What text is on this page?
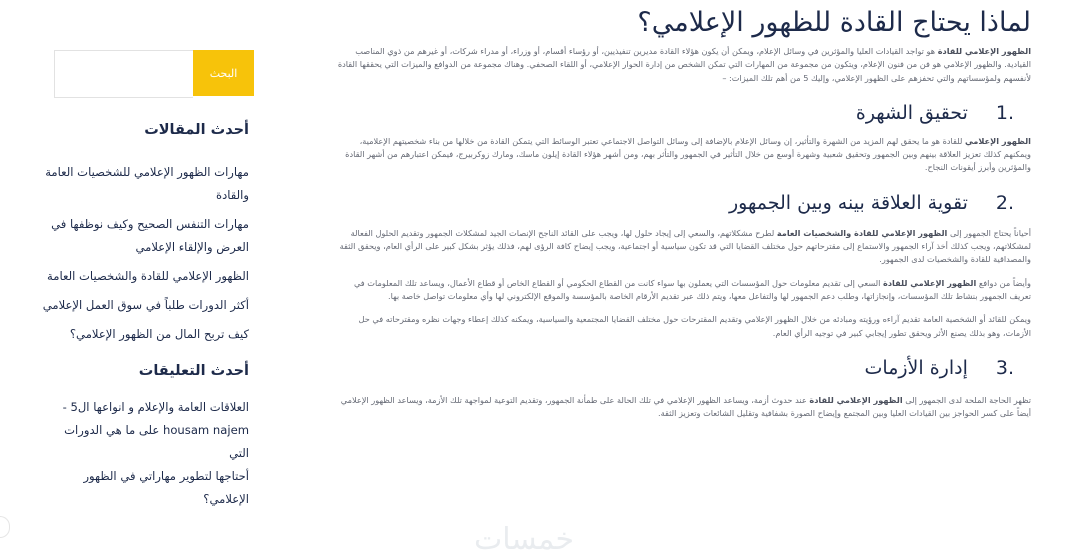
لماذا يحتاج القادة للظهور الإعلامي؟

الظهور الإعلامي للقادة هو تواجد القيادات العليا والمؤثرين في وسائل الإعلام، ويمكن أن يكون هؤلاء القادة مديرين تنفيذيين، أو رؤساء أقسام، أو وزراء، أو مدراء شركات، أو غيرهم من ذوي المناصب القيادية. والظهور الإعلامي هو فن من فنون الإعلام، ويتكون من مجموعة من المهارات التي تمكن الشخص من إدارة الحوار الإعلامي، أو اللقاء الصحفي. وهناك مجموعة من الدوافع والميزات التي يحققها القادة لأنفسهم ولمؤسساتهم والتي تحفزهم على الظهور الإعلامي، وإليك 5 من أهم تلك الميزات: –

.1تحقيق الشهرة

الظهور الإعلامي للقادة هو ما يحقق لهم المزيد من الشهرة والتأثير، إن وسائل الإعلام بالإضافة إلى وسائل التواصل الاجتماعي تعتبر الوسائط التي يتمكن القادة من خلالها من بناء شخصيتهم الإعلامية، ويمكنهم كذلك تعزيز العلاقة بينهم وبين الجمهور وتحقيق شعبية وشهرة أوسع من خلال التأثير في الجمهور والتأثر بهم، ومن أشهر هؤلاء القادة إيلون ماسك، ومارك زوكربيرج، فيمكن اعتبارهم من أشهر القادة والمؤثرين وأبرز أيقونات النجاح.

.2تقوية العلاقة بينه وبين الجمهور

أحياناً يحتاج الجمهور إلى الظهور الإعلامي للقادة والشخصيات العامة لطرح مشكلاتهم، والسعي إلى إيجاد حلول لها، ويجب على القائد الناجح الإنصات الجيد لمشكلات الجمهور وتقديم الحلول الفعالة لمشكلاتهم، ويجب كذلك أخذ آراء الجمهور والاستماع إلى مقترحاتهم حول مختلف القضايا التي قد تكون سياسية أو اجتماعية، ويجب إيضاح كافة الرؤى لهم، فذلك يؤثر بشكل كبير على الرأي العام، ويحقق الثقة والمصداقية للقادة والشخصيات لدى الجمهور.

وأيضاً من دوافع الظهور الإعلامي للقادة السعي إلى تقديم معلومات حول المؤسسات التي يعملون بها سواء كانت من القطاع الحكومي أو القطاع الخاص أو قطاع الأعمال، ويساعد تلك المعلومات في تعريف الجمهور بنشاط تلك المؤسسات، وإنجازاتها، وطلب دعم الجمهور لها والتفاعل معها، ويتم ذلك عبر تقديم الأرقام الخاصة بالمؤسسة والموقع الإلكتروني لها وأي معلومات تواصل خاصة بها.

ويمكن للقائد أو الشخصية العامة تقديم آراءه ورؤيته ومبادئه من خلال الظهور الإعلامي وتقديم المقترحات حول مختلف القضايا المجتمعية والسياسية، ويمكنه كذلك إعطاء وجهات نظره ومقترحاته في حل الأزمات، وهو بذلك يصنع الأثر ويحقق تطور إيجابي كبير في توجيه الرأي العام.

.3إدارة الأزمات

تظهر الحاجة الملحة لدى الجمهور إلى الظهور الإعلامي للقادة عند حدوث أزمة، ويساعد الظهور الإعلامي في تلك الحالة على طمأنة الجمهور، وتقديم التوعية لمواجهة تلك الأزمة، ويساعد الظهور الإعلامي أيضاً على كسر الحواجز بين القيادات العليا وبين المجتمع وإيضاح الصورة بشفافية وتقليل الشائعات وتعزيز الثقة.

البحث
أحدث المقالات
مهارات الظهور الإعلامي للشخصيات العامة والقادة
مهارات التنفس الصحيح وكيف نوظفها في العرض والإلقاء الإعلامي
الظهور الإعلامي للقادة والشخصيات العامة
أكثر الدورات طلباً في سوق العمل الإعلامي
كيف تربح المال من الظهور الإعلامي؟
أحدث التعليقات
العلاقات العامة والإعلام و انواعها ال5 -
housam najem على ما هي الدورات التي
أحتاجها لتطوير مهاراتي في الظهور الإعلامي؟
خمسات
